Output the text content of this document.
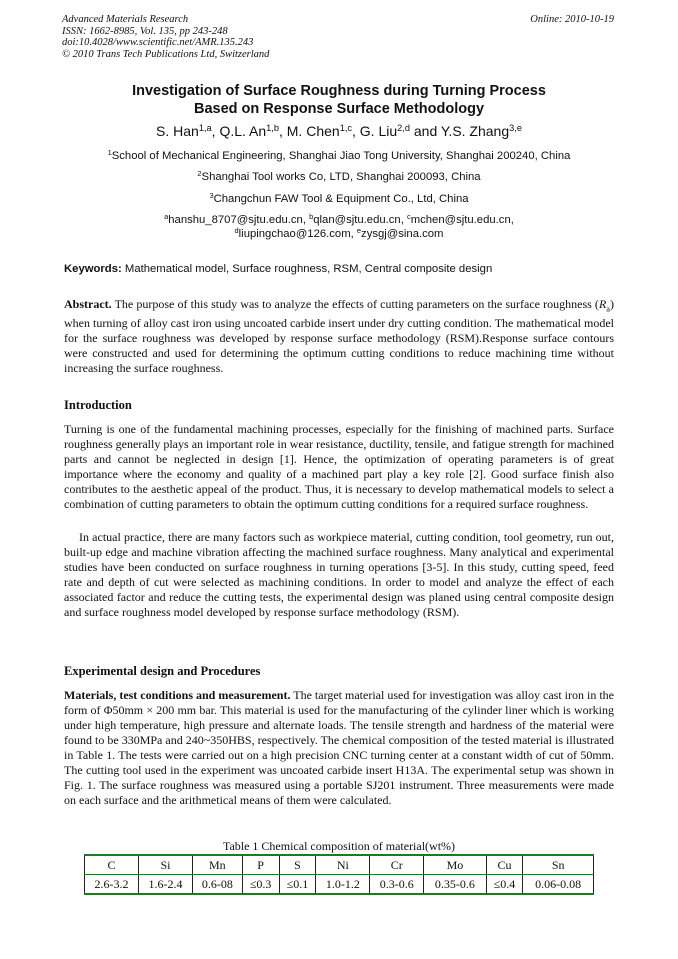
Advanced Materials Research
ISSN: 1662-8985, Vol. 135, pp 243-248
doi:10.4028/www.scientific.net/AMR.135.243
© 2010 Trans Tech Publications Ltd, Switzerland
Online: 2010-10-19
Investigation of Surface Roughness during Turning Process
Based on Response Surface Methodology
S. Han$^{1,a}$, Q.L. An$^{1,b}$, M. Chen$^{1,c}$, G. Liu$^{2,d}$ and Y.S. Zhang$^{3,e}$
$^1$School of Mechanical Engineering, Shanghai Jiao Tong University, Shanghai 200240, China
$^2$Shanghai Tool works Co, LTD, Shanghai 200093, China
$^3$Changchun FAW Tool & Equipment Co., Ltd, China
$^a$hanshu_8707@sjtu.edu.cn, $^b$qlan@sjtu.edu.cn, $^c$mchen@sjtu.edu.cn,
$^d$liupingchao@126.com, $^e$zysgj@sina.com
Keywords: Mathematical model, Surface roughness, RSM, Central composite design
Abstract. The purpose of this study was to analyze the effects of cutting parameters on the surface roughness $(R_a)$ when turning of alloy cast iron using uncoated carbide insert under dry cutting condition. The mathematical model for the surface roughness was developed by response surface methodology (RSM).Response surface contours were constructed and used for determining the optimum cutting conditions to reduce machining time without increasing the surface roughness.
Introduction
Turning is one of the fundamental machining processes, especially for the finishing of machined parts. Surface roughness generally plays an important role in wear resistance, ductility, tensile, and fatigue strength for machined parts and cannot be neglected in design [1]. Hence, the optimization of operating parameters is of great importance where the economy and quality of a machined part play a key role [2]. Good surface finish also contributes to the aesthetic appeal of the product. Thus, it is necessary to develop mathematical models to select a combination of cutting parameters to obtain the optimum cutting conditions for a required surface roughness.
In actual practice, there are many factors such as workpiece material, cutting condition, tool geometry, run out, built-up edge and machine vibration affecting the machined surface roughness. Many analytical and experimental studies have been conducted on surface roughness in turning operations [3-5]. In this study, cutting speed, feed rate and depth of cut were selected as machining conditions. In order to model and analyze the effect of each associated factor and reduce the cutting tests, the experimental design was planed using central composite design and surface roughness model developed by response surface methodology (RSM).
Experimental design and Procedures
Materials, test conditions and measurement. The target material used for investigation was alloy cast iron in the form of Φ50mm × 200 mm bar. This material is used for the manufacturing of the cylinder liner which is working under high temperature, high pressure and alternate loads. The tensile strength and hardness of the material were found to be 330MPa and 240~350HBS, respectively. The chemical composition of the tested material is illustrated in Table 1. The tests were carried out on a high precision CNC turning center at a constant width of cut of 50mm. The cutting tool used in the experiment was uncoated carbide insert H13A. The experimental setup was shown in Fig. 1. The surface roughness was measured using a portable SJ201 instrument. Three measurements were made on each surface and the arithmetical means of them were calculated.
Table 1 Chemical composition of material(wt%)
C	Si	Mn	P	S	Ni	Cr	Mo	Cu	Sn
2.6-3.2	1.6-2.4	0.6-08	≤0.3	≤0.1	1.0-1.2	0.3-0.6	0.35-0.6	≤0.4	0.06-0.08
